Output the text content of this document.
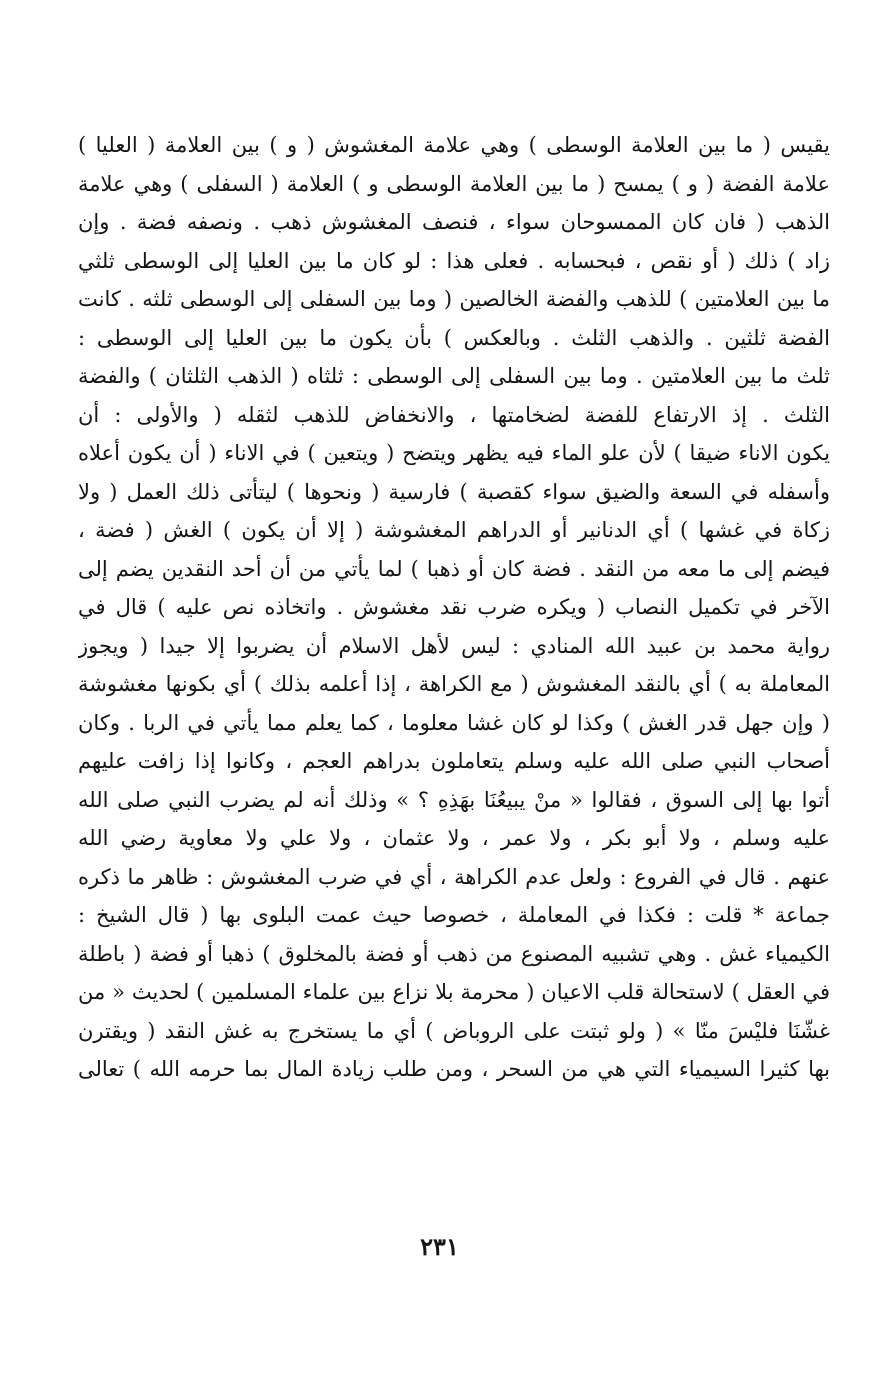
يقيس ( ما بين العلامة الوسطى ) وهي علامة المغشوش ( و ) بين العلامة ( العليا )
علامة الفضة ( و ) يمسح ( ما بين العلامة الوسطى و ) العلامة ( السفلى ) وهي علامة
الذهب ( فان كان الممسوحان سواء ، فنصف المغشوش ذهب . ونصفه فضة . وإن
زاد ) ذلك ( أو نقص ، فبحسابه . فعلى هذا : لو كان ما بين العليا إلى الوسطى ثلثي
ما بين العلامتين ) للذهب والفضة الخالصين ( وما بين السفلى إلى الوسطى ثلثه . كانت
الفضة ثلثين . والذهب الثلث . وبالعكس ) بأن يكون ما بين العليا إلى الوسطى :
ثلث ما بين العلامتين . وما بين السفلى إلى الوسطى : ثلثاه ( الذهب الثلثان ) والفضة
الثلث . إذ الارتفاع للفضة لضخامتها ، والانخفاض للذهب لثقله ( والأولى : أن
يكون الاناء ضيقا ) لأن علو الماء فيه يظهر ويتضح ( ويتعين ) في الاناء ( أن يكون أعلاه
وأسفله في السعة والضيق سواء كقصبة ) فارسية ( ونحوها ) ليتأتى ذلك العمل ( ولا
زكاة في غشها ) أي الدنانير أو الدراهم المغشوشة ( إلا أن يكون ) الغش ( فضة ،
فيضم إلى ما معه من النقد . فضة كان أو ذهبا ) لما يأتي من أن أحد النقدين يضم إلى
الآخر في تكميل النصاب ( ويكره ضرب نقد مغشوش . واتخاذه نص عليه ) قال في
رواية محمد بن عبيد الله المنادي : ليس لأهل الاسلام أن يضربوا إلا جيدا ( ويجوز
المعاملة به ) أي بالنقد المغشوش ( مع الكراهة ، إذا أعلمه بذلك ) أي بكونها مغشوشة
( وإن جهل قدر الغش ) وكذا لو كان غشا معلوما ، كما يعلم مما يأتي في الربا . وكان
أصحاب النبي صلى الله عليه وسلم يتعاملون بدراهم العجم ، وكانوا إذا زافت عليهم
أتوا بها إلى السوق ، فقالوا « منْ يبيعُنَا بهَذِهِ ؟ » وذلك أنه لم يضرب النبي صلى الله
عليه وسلم ، ولا أبو بكر ، ولا عمر ، ولا عثمان ، ولا علي ولا معاوية رضي الله
عنهم . قال في الفروع : ولعل عدم الكراهة ، أي في ضرب المغشوش : ظاهر ما ذكره
جماعة * قلت : فكذا في المعاملة ، خصوصا حيث عمت البلوى بها ( قال الشيخ :
الكيمياء غش . وهي تشبيه المصنوع من ذهب أو فضة بالمخلوق ) ذهبا أو فضة ( باطلة
في العقل ) لاستحالة قلب الاعيان ( محرمة بلا نزاع بين علماء المسلمين ) لحديث « من
غشّنَا فليْسَ منّا » ( ولو ثبتت على الروباض ) أي ما يستخرج به غش النقد ( ويقترن
بها كثيرا السيمياء التي هي من السحر ، ومن طلب زيادة المال بما حرمه الله ) تعالى
٢٣١
